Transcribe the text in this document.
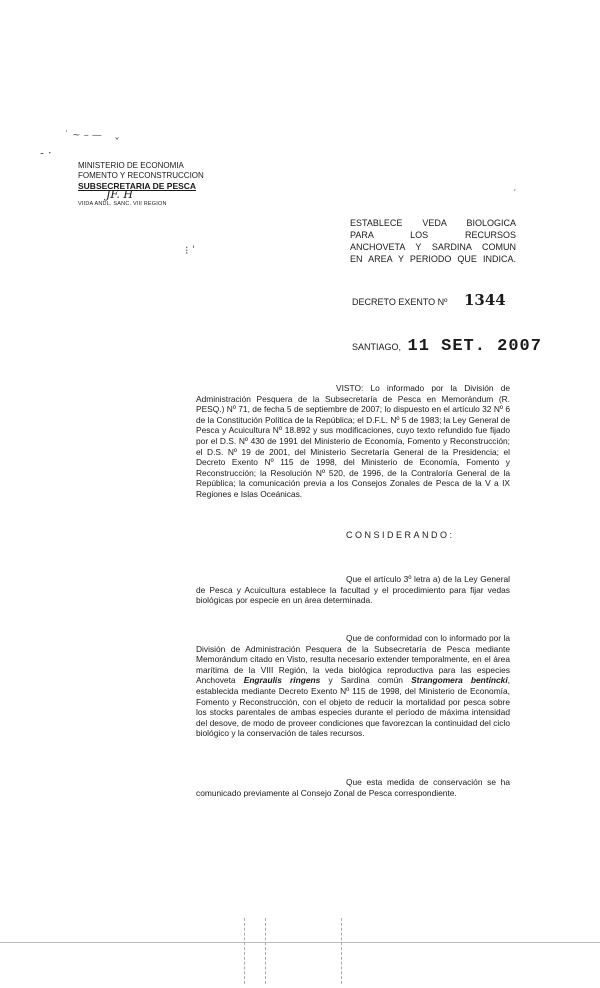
- ·
˙ ~ – —
ˇ
⁝ ˈ
ˊ
MINISTERIO DE ECONOMIA
FOMENTO Y RECONSTRUCCION
SUBSECRETARIA DE PESCA
JF. H
VIIDA ANDL. SANC. VIII REGION
ESTABLECE VEDA BIOLOGICA
PARA LOS RECURSOS
ANCHOVETA Y SARDINA COMUN
EN AREA Y PERIODO QUE INDICA.
DECRETO EXENTO Nº 1344
SANTIAGO, 11 SET. 2007
VISTO: Lo informado por la División de Administración Pesquera de la Subsecretaría de Pesca en Memorándum (R. PESQ.) Nº 71, de fecha 5 de septiembre de 2007; lo dispuesto en el artículo 32 Nº 6 de la Constitución Política de la República; el D.F.L. Nº 5 de 1983; la Ley General de Pesca y Acuicultura Nº 18.892 y sus modificaciones, cuyo texto refundido fue fijado por el D.S. Nº 430 de 1991 del Ministerio de Economía, Fomento y Reconstrucción; el D.S. Nº 19 de 2001, del Ministerio Secretaría General de la Presidencia; el Decreto Exento Nº 115 de 1998, del Ministerio de Economía, Fomento y Reconstrucción; la Resolución Nº 520, de 1996, de la Contraloría General de la República; la comunicación previa a los Consejos Zonales de Pesca de la V a IX Regiones e Islas Oceánicas.
CONSIDERANDO:
Que el artículo 3º letra a) de la Ley General de Pesca y Acuicultura establece la facultad y el procedimiento para fijar vedas biológicas por especie en un área determinada.
Que de conformidad con lo informado por la División de Administración Pesquera de la Subsecretaría de Pesca mediante Memorándum citado en Visto, resulta necesario extender temporalmente, en el área marítima de la VIII Región, la veda biológica reproductiva para las especies Anchoveta Engraulis ringens y Sardina común Strangomera bentincki, establecida mediante Decreto Exento Nº 115 de 1998, del Ministerio de Economía, Fomento y Reconstrucción, con el objeto de reducir la mortalidad por pesca sobre los stocks parentales de ambas especies durante el período de máxima intensidad del desove, de modo de proveer condiciones que favorezcan la continuidad del ciclo biológico y la conservación de tales recursos.
Que esta medida de conservación se ha comunicado previamente al Consejo Zonal de Pesca correspondiente.
